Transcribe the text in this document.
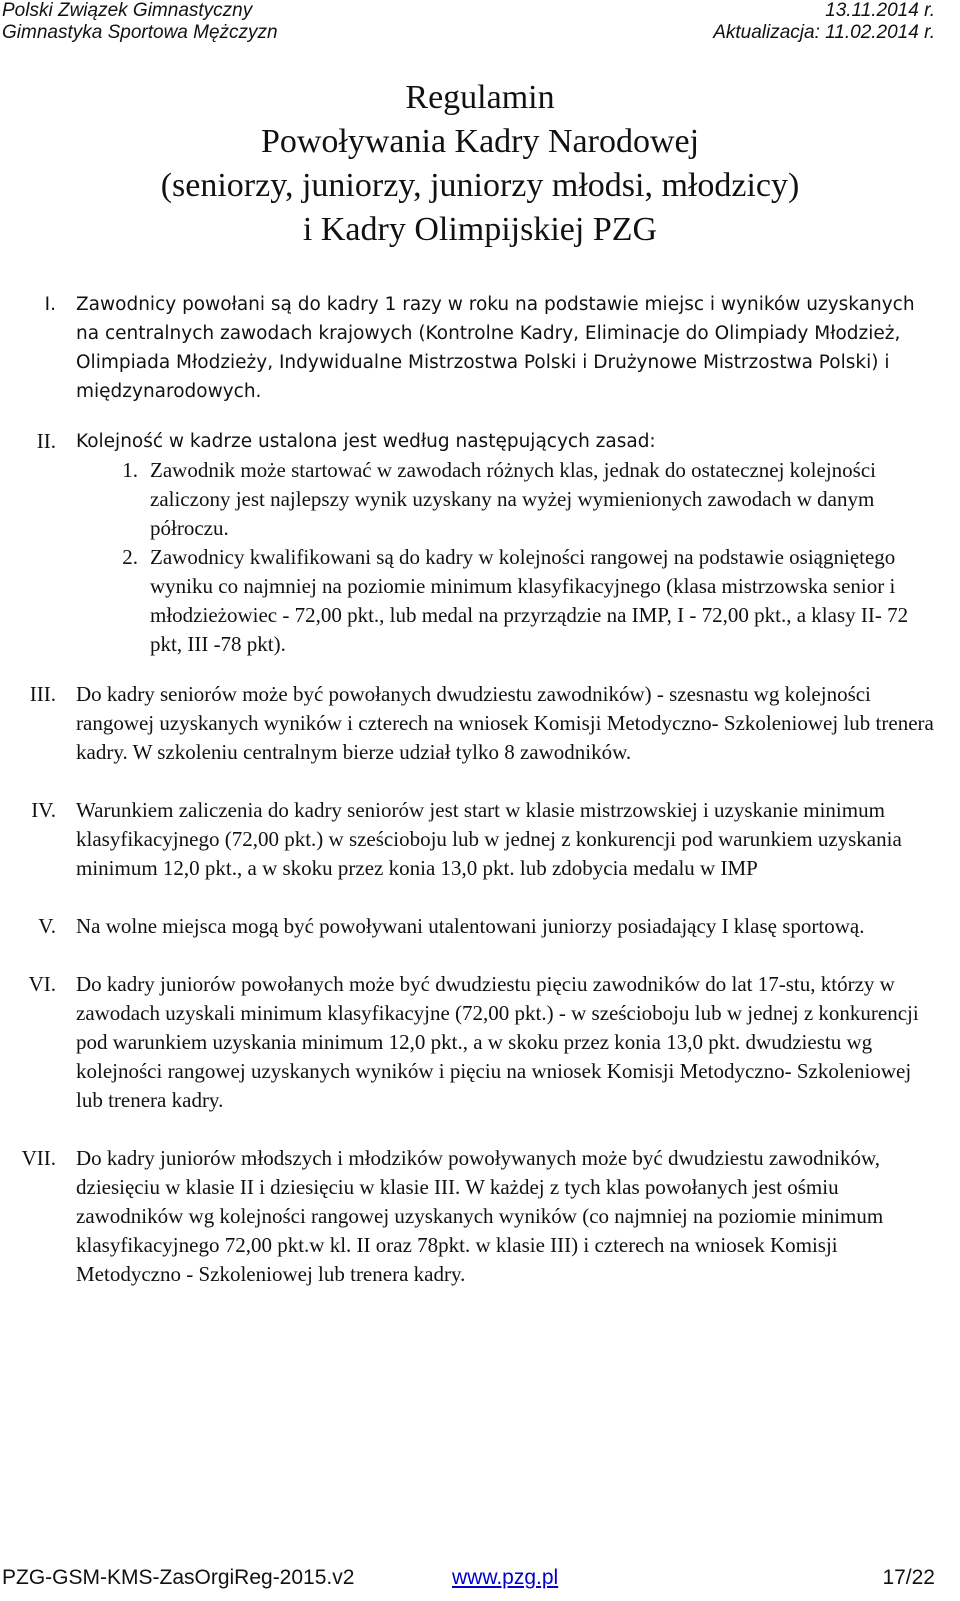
Polski Związek Gimnastyczny	13.11.2014 r.
Gimnastyka Sportowa Mężczyzn	Aktualizacja: 11.02.2014 r.
Regulamin
Powoływania Kadry Narodowej
(seniorzy, juniorzy, juniorzy młodsi, młodzicy)
i Kadry Olimpijskiej PZG
I. Zawodnicy powołani są do kadry 1 razy w roku na podstawie miejsc i wyników uzyskanych na centralnych zawodach krajowych (Kontrolne Kadry, Eliminacje do Olimpiady Młodzież, Olimpiada Młodzieży, Indywidualne Mistrzostwa Polski i Drużynowe Mistrzostwa Polski) i międzynarodowych.
II. Kolejność w kadrze ustalona jest według następujących zasad:
1. Zawodnik może startować w zawodach różnych klas, jednak do ostatecznej kolejności zaliczony jest najlepszy wynik uzyskany na wyżej wymienionych zawodach w danym półroczu.
2. Zawodnicy kwalifikowani są do kadry w kolejności rangowej na podstawie osiągniętego wyniku co najmniej na poziomie minimum klasyfikacyjnego (klasa mistrzowska senior i młodzieżowiec - 72,00 pkt., lub medal na przyrządzie na IMP, I - 72,00 pkt., a klasy II- 72 pkt, III -78 pkt).
III. Do kadry seniorów może być powołanych dwudziestu zawodników) - szesnastu wg kolejności rangowej uzyskanych wyników i czterech na wniosek Komisji Metodyczno- Szkoleniowej lub trenera kadry. W szkoleniu centralnym bierze udział tylko 8 zawodników.
IV. Warunkiem zaliczenia do kadry seniorów jest start w klasie mistrzowskiej i uzyskanie minimum klasyfikacyjnego (72,00 pkt.) w sześcioboju lub w jednej z konkurencji pod warunkiem uzyskania minimum 12,0 pkt., a w skoku przez konia 13,0 pkt. lub zdobycia medalu w IMP
V. Na wolne miejsca mogą być powoływani utalentowani juniorzy posiadający I klasę sportową.
VI. Do kadry juniorów powołanych może być dwudziestu pięciu zawodników do lat 17-stu, którzy w zawodach uzyskali minimum klasyfikacyjne (72,00 pkt.) - w sześcioboju lub w jednej z konkurencji pod warunkiem uzyskania minimum 12,0 pkt., a w skoku przez konia 13,0 pkt. dwudziestu wg kolejności rangowej uzyskanych wyników i pięciu na wniosek Komisji Metodyczno- Szkoleniowej lub trenera kadry.
VII. Do kadry juniorów młodszych i młodzików powoływanych może być dwudziestu zawodników, dziesięciu w klasie II i dziesięciu w klasie III. W każdej z tych klas powołanych jest ośmiu zawodników wg kolejności rangowej uzyskanych wyników (co najmniej na poziomie minimum klasyfikacyjnego 72,00 pkt.w kl. II oraz 78pkt. w klasie III) i czterech na wniosek Komisji Metodyczno - Szkoleniowej lub trenera kadry.
PZG-GSM-KMS-ZasOrgiReg-2015.v2	www.pzg.pl	17/22
